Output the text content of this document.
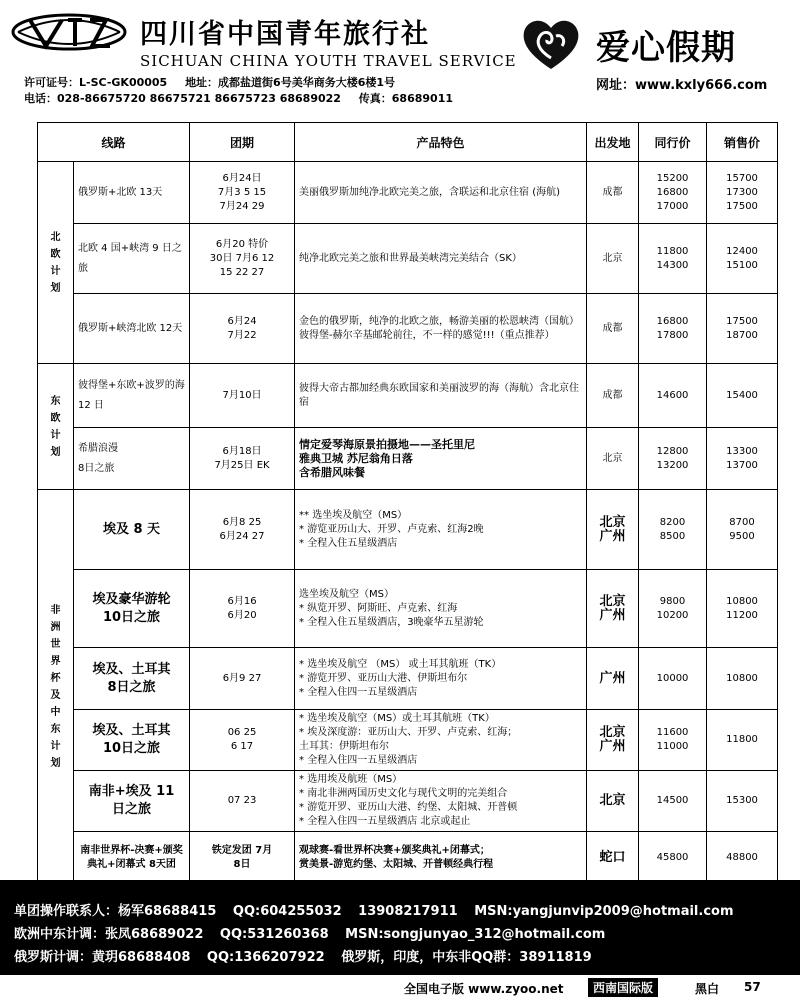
四川省中国青年旅行社
SICHUAN CHINA YOUTH TRAVEL SERVICE 爱心假期
网址：www.kxly666.com
许可证号：L-SC-GK00005 地址：成都盐道街6号美华商务大楼6楼1号
电话：028-86675720 86675721 86675723 68689022 传真：68689011
线路		团期	产品特色	出发地	同行价	销售价

北欧计划	俄罗斯+北欧 13天	6月24日
7月3 5 15
7月24 29	美丽俄罗斯加纯净北欧完美之旅，含联运和北京住宿 (海航)	成都	15200
16800
17000	15700
17300
17500
	北欧 4 国+峡湾 9 日之旅	6月20 特价
30日 7月6 12
15 22 27	纯净北欧完美之旅和世界最美峡湾完美结合（SK）	北京	11800
14300	12400
15100
	俄罗斯+峡湾北欧 12天	6月24
7月22	金色的俄罗斯，纯净的北欧之旅，畅游美丽的松恩峡湾（国航）彼得堡-赫尔辛基邮轮前往，不一样的感觉!!!（重点推荐）	成都	16800
17800	17500
18700

东欧计划	彼得堡+东欧+波罗的海 12 日	7月10日	彼得大帝古都加经典东欧国家和美丽波罗的海（海航）含北京住宿	成都	14600	15400
	希腊浪漫
8日之旅	6月18日
7月25日 EK	情定爱琴海原景拍摄地——圣托里尼
雅典卫城 苏尼翁角日落
含希腊风味餐	北京	12800
13200	13300
13700

非洲世界杯及中东计划	埃及 8 天	6月8 25
6月24 27	** 选坐埃及航空（MS）
* 游览亚历山大、开罗、卢克索、红海2晚
* 全程入住五星级酒店	北京
广州	8200
8500	8700
9500
	埃及豪华游轮
10日之旅	6月16
6月20	选坐埃及航空（MS）
* 纵览开罗、阿斯旺、卢克索、红海
* 全程入住五星级酒店，3晚豪华五星游轮	北京
广州	9800
10200	10800
11200
	埃及、土耳其
8日之旅	6月9 27	* 选坐埃及航空 （MS） 或土耳其航班（TK）
* 游览开罗、亚历山大港、伊斯坦布尔
* 全程入住四一五星级酒店	广州	10000	10800
	埃及、土耳其
10日之旅	06 25
6 17	* 选坐埃及航空（MS）或土耳其航班（TK）
* 埃及深度游：亚历山大、开罗、卢克索、红海；
土耳其：伊斯坦布尔
* 全程入住四一五星级酒店	北京
广州	11600
11000	11800
	南非+埃及 11
日之旅	07 23	* 选用埃及航班（MS）
* 南北非洲两国历史文化与现代文明的完美组合
* 游览开罗、亚历山大港、约堡、太阳城、开普顿
* 全程入住四一五星级酒店 北京或起止	北京	14500	15300
	南非世界杯-决赛+颁奖典礼+闭幕式 8天团	铁定发团 7月
8日	观球赛-看世界杯决赛+颁奖典礼+闭幕式；
赏美景-游览约堡、太阳城、开普顿经典行程	蛇口	45800	48800
单团操作联系人：杨军68688415 QQ:604255032 13908217911 MSN:yangjunvip2009@hotmail.com
欧洲中东计调：张凤68689022 QQ:531260368 MSN:songjunyao_312@hotmail.com
俄罗斯计调：黄玥68688408 QQ:1366207922 俄罗斯，印度，中东非QQ群：38911819
全国电子版 www.zyoo.net	西南国际版	黑白 57
